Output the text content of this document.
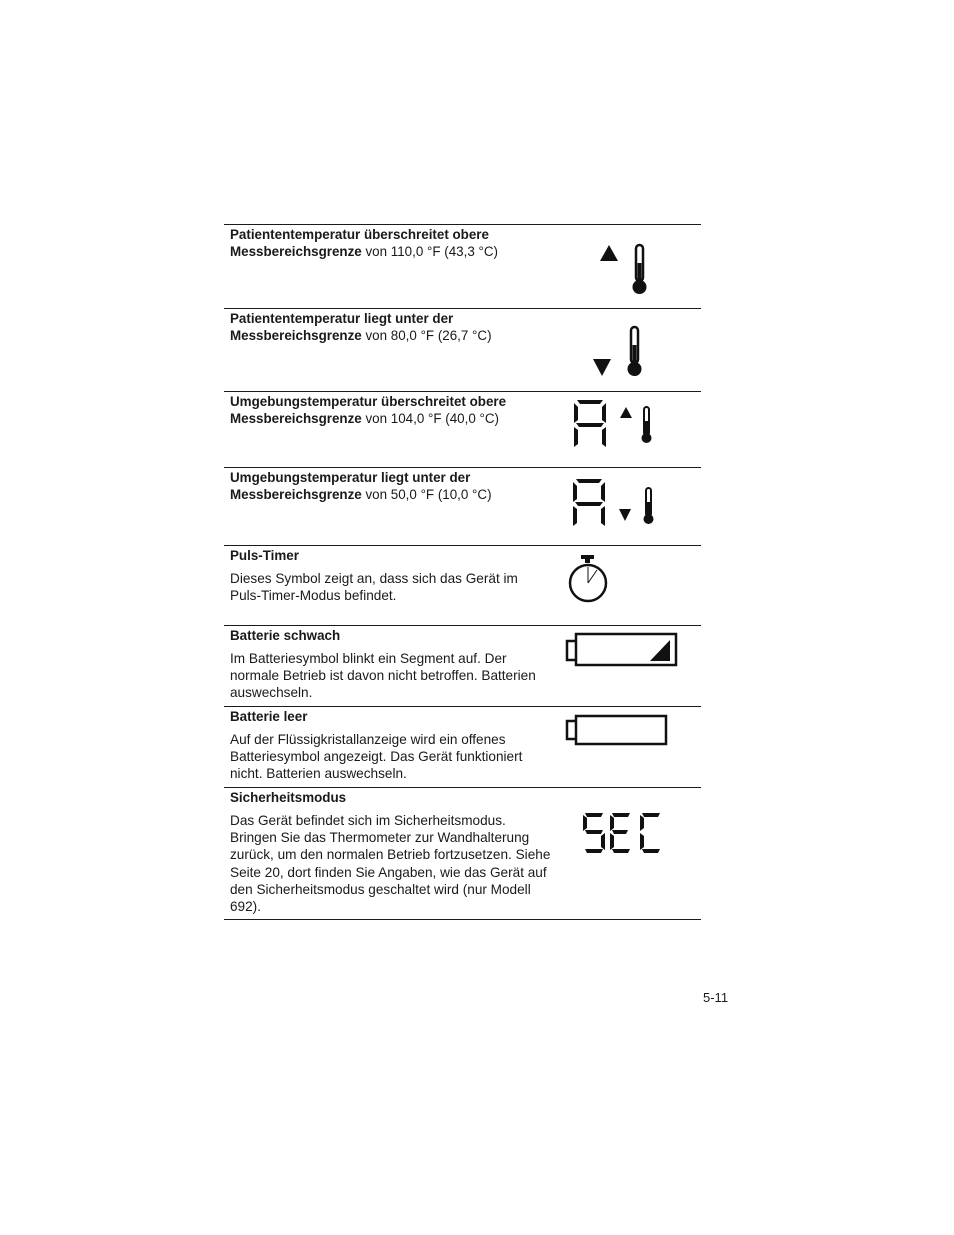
Patiententemperatur überschreitet obere
Messbereichsgrenze von 110,0 °F (43,3 °C)
Patiententemperatur liegt unter der
Messbereichsgrenze von 80,0 °F (26,7 °C)
Umgebungstemperatur überschreitet obere
Messbereichsgrenze von 104,0 °F (40,0 °C)
Umgebungstemperatur liegt unter der
Messbereichsgrenze von 50,0 °F (10,0 °C)
Puls-Timer
Dieses Symbol zeigt an, dass sich das Gerät im Puls-Timer-Modus befindet.
Batterie schwach
Im Batteriesymbol blinkt ein Segment auf. Der normale Betrieb ist davon nicht betroffen. Batterien auswechseln.
Batterie leer
Auf der Flüssigkristallanzeige wird ein offenes Batteriesymbol angezeigt. Das Gerät funktioniert nicht. Batterien auswechseln.
Sicherheitsmodus
Das Gerät befindet sich im Sicherheitsmodus. Bringen Sie das Thermometer zur Wandhalterung zurück, um den normalen Betrieb fortzusetzen. Siehe Seite 20, dort finden Sie Angaben, wie das Gerät auf den Sicherheitsmodus geschaltet wird (nur Modell 692).
5-11
